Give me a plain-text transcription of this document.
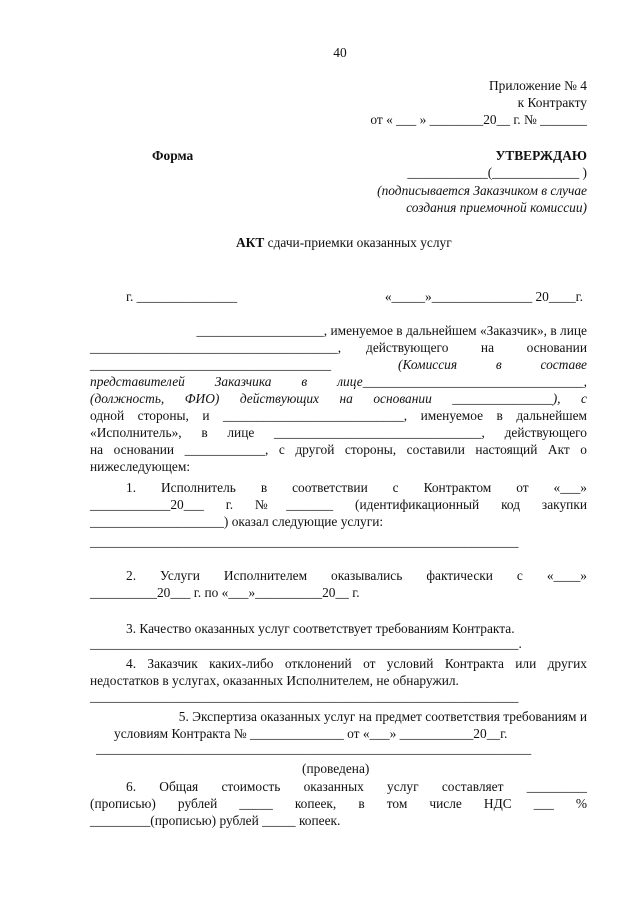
40
Приложение № 4
к Контракту
от « ___ » ________20__ г. № _______
Форма	УТВЕРЖДАЮ
____________(_____________ )
(подписывается Заказчиком в случае
создания приемочной комиссии)
АКТ сдачи-приемки оказанных услуг
г. _______________	«_____»_______________ 20____г.
___________________, именуемое в дальнейшем «Заказчик», в лице
_____________________________________, действующего на основании
____________________________________	(Комиссия в составе
представителей Заказчика в лице_________________________________,
(должность, ФИО) действующих на основании _______________), с
одной стороны, и ___________________________, именуемое в дальнейшем
«Исполнитель», в лице _______________________________, действующего
на основании ____________, с другой стороны, составили настоящий Акт о
нижеследующем:
1. Исполнитель в соответствии с Контрактом от «___»
____________20___ г. №_______ (идентификационный код закупки
____________________) оказал следующие услуги:
________________________________________________________________
2. Услуги Исполнителем оказывались фактически с «____»
__________20___ г. по «___»__________20__ г.
3. Качество оказанных услуг соответствует требованиям Контракта.
________________________________________________________________.
4. Заказчик каких-либо отклонений от условий Контракта или других
недостатков в услугах, оказанных Исполнителем, не обнаружил.
________________________________________________________________
5. Экспертиза оказанных услуг на предмет соответствия требованиям и
условиям Контракта № ______________ от «___» ___________20__г.
_________________________________________________________________
(проведена)
6. Общая стоимость оказанных услуг составляет _________
(прописью) рублей _____ копеек, в том числе НДС ___ %
_________(прописью) рублей _____ копеек.
